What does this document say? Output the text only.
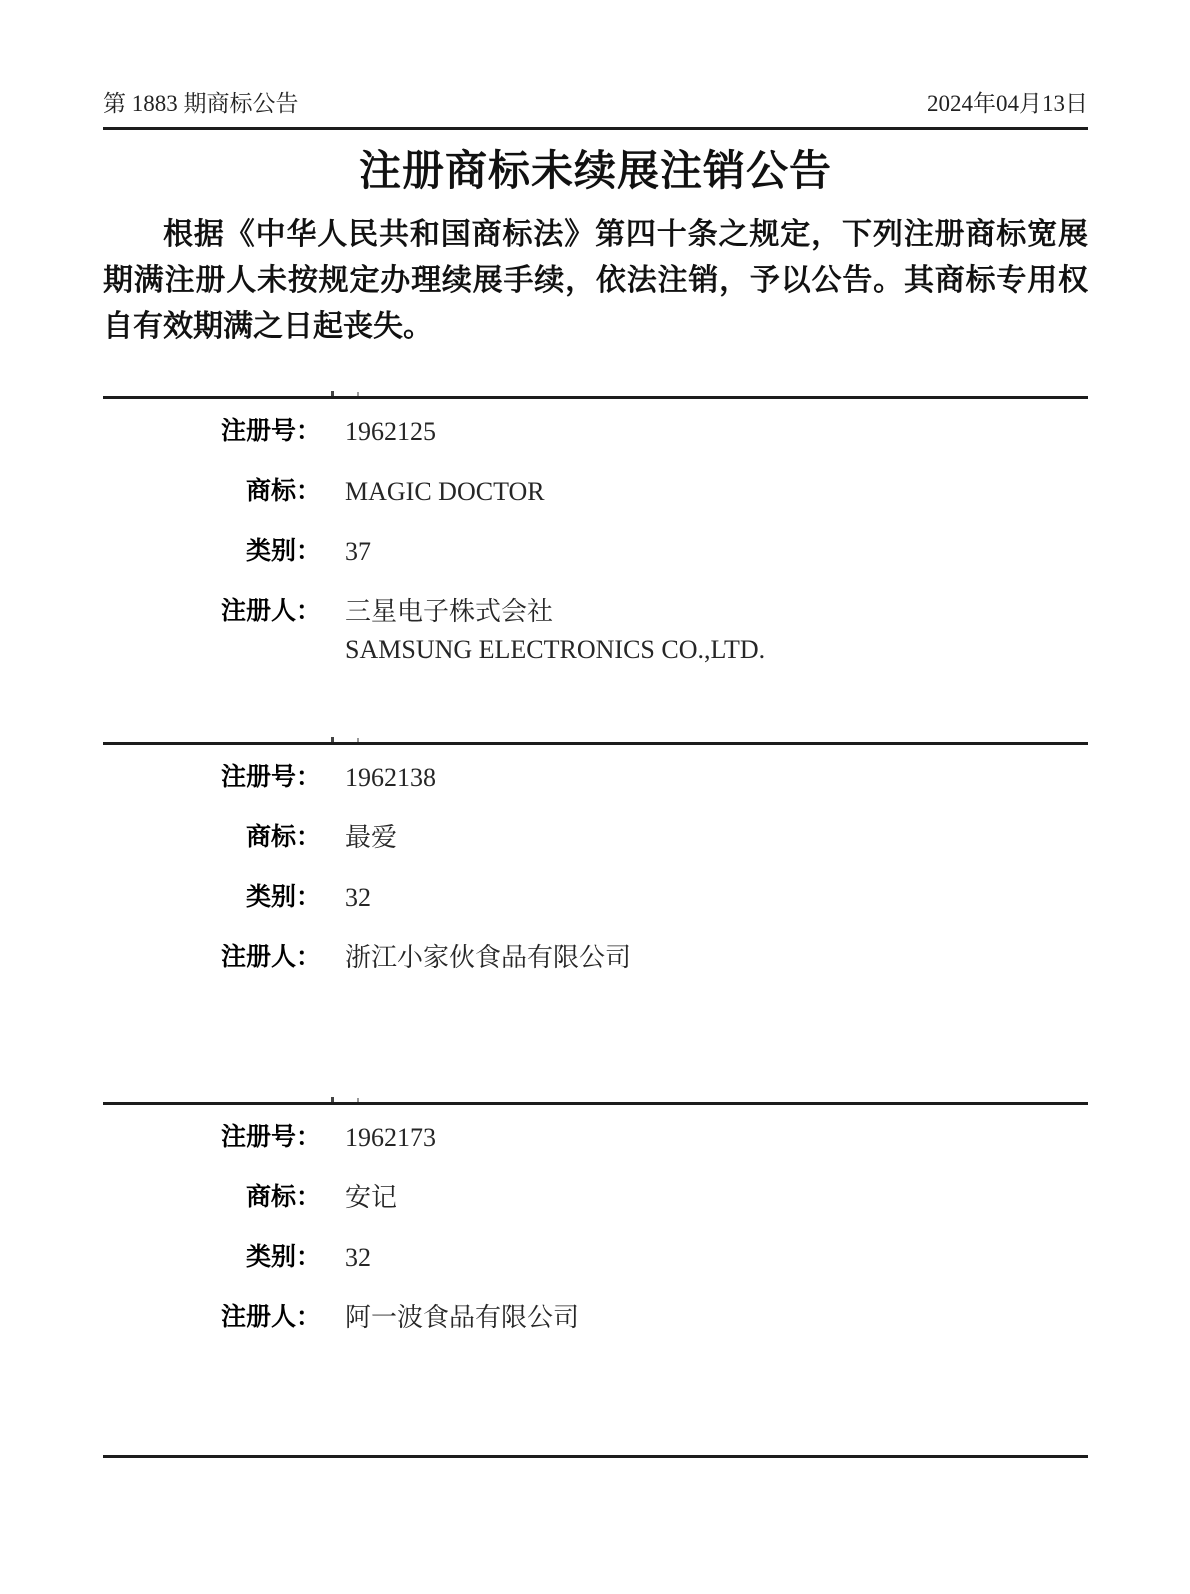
第 1883 期商标公告	2024年04月13日
注册商标未续展注销公告

根据《中华人民共和国商标法》第四十条之规定，下列注册商标宽展期满注册人未按规定办理续展手续，依法注销，予以公告。其商标专用权自有效期满之日起丧失。

注册号： 1962125
商标： MAGIC DOCTOR
类别： 37
注册人： 三星电子株式会社
SAMSUNG ELECTRONICS CO.,LTD.
注册号： 1962138
商标： 最爱
类别： 32
注册人： 浙江小家伙食品有限公司
注册号： 1962173
商标： 安记
类别： 32
注册人： 阿一波食品有限公司
